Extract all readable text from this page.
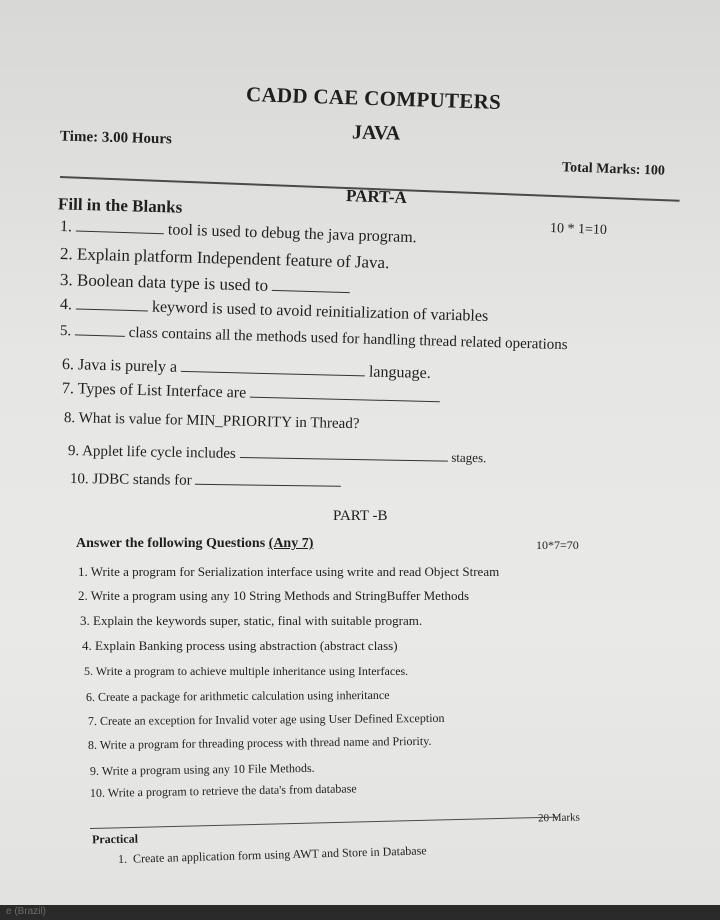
CADD CAE COMPUTERS
JAVA
Time: 3.00 Hours
Total Marks: 100
PART-A
Fill in the Blanks
10 * 1=10
1.	tool is used to debug the java program.
2. Explain platform Independent feature of Java.
3. Boolean data type is used to
4.	keyword is used to avoid reinitialization of variables
5.	class contains all the methods used for handling thread related operations
6. Java is purely a	language.
7. Types of List Interface are
8. What is value for MIN_PRIORITY in Thread?
9. Applet life cycle includes	stages.
10. JDBC stands for
PART -B
Answer the following Questions (Any 7)	10*7=70
1. Write a program for Serialization interface using write and read Object Stream
2. Write a program using any 10 String Methods and StringBuffer Methods
3. Explain the keywords super, static, final with suitable program.
4. Explain Banking process using abstraction (abstract class)
5. Write a program to achieve multiple inheritance using Interfaces.
6. Create a package for arithmetic calculation using inheritance
7. Create an exception for Invalid voter age using User Defined Exception
8. Write a program for threading process with thread name and Priority.
9. Write a program using any 10 File Methods.
10. Write a program to retrieve the data's from database
20 Marks
Practical
1. Create an application form using AWT and Store in Database
e (Brazil)
